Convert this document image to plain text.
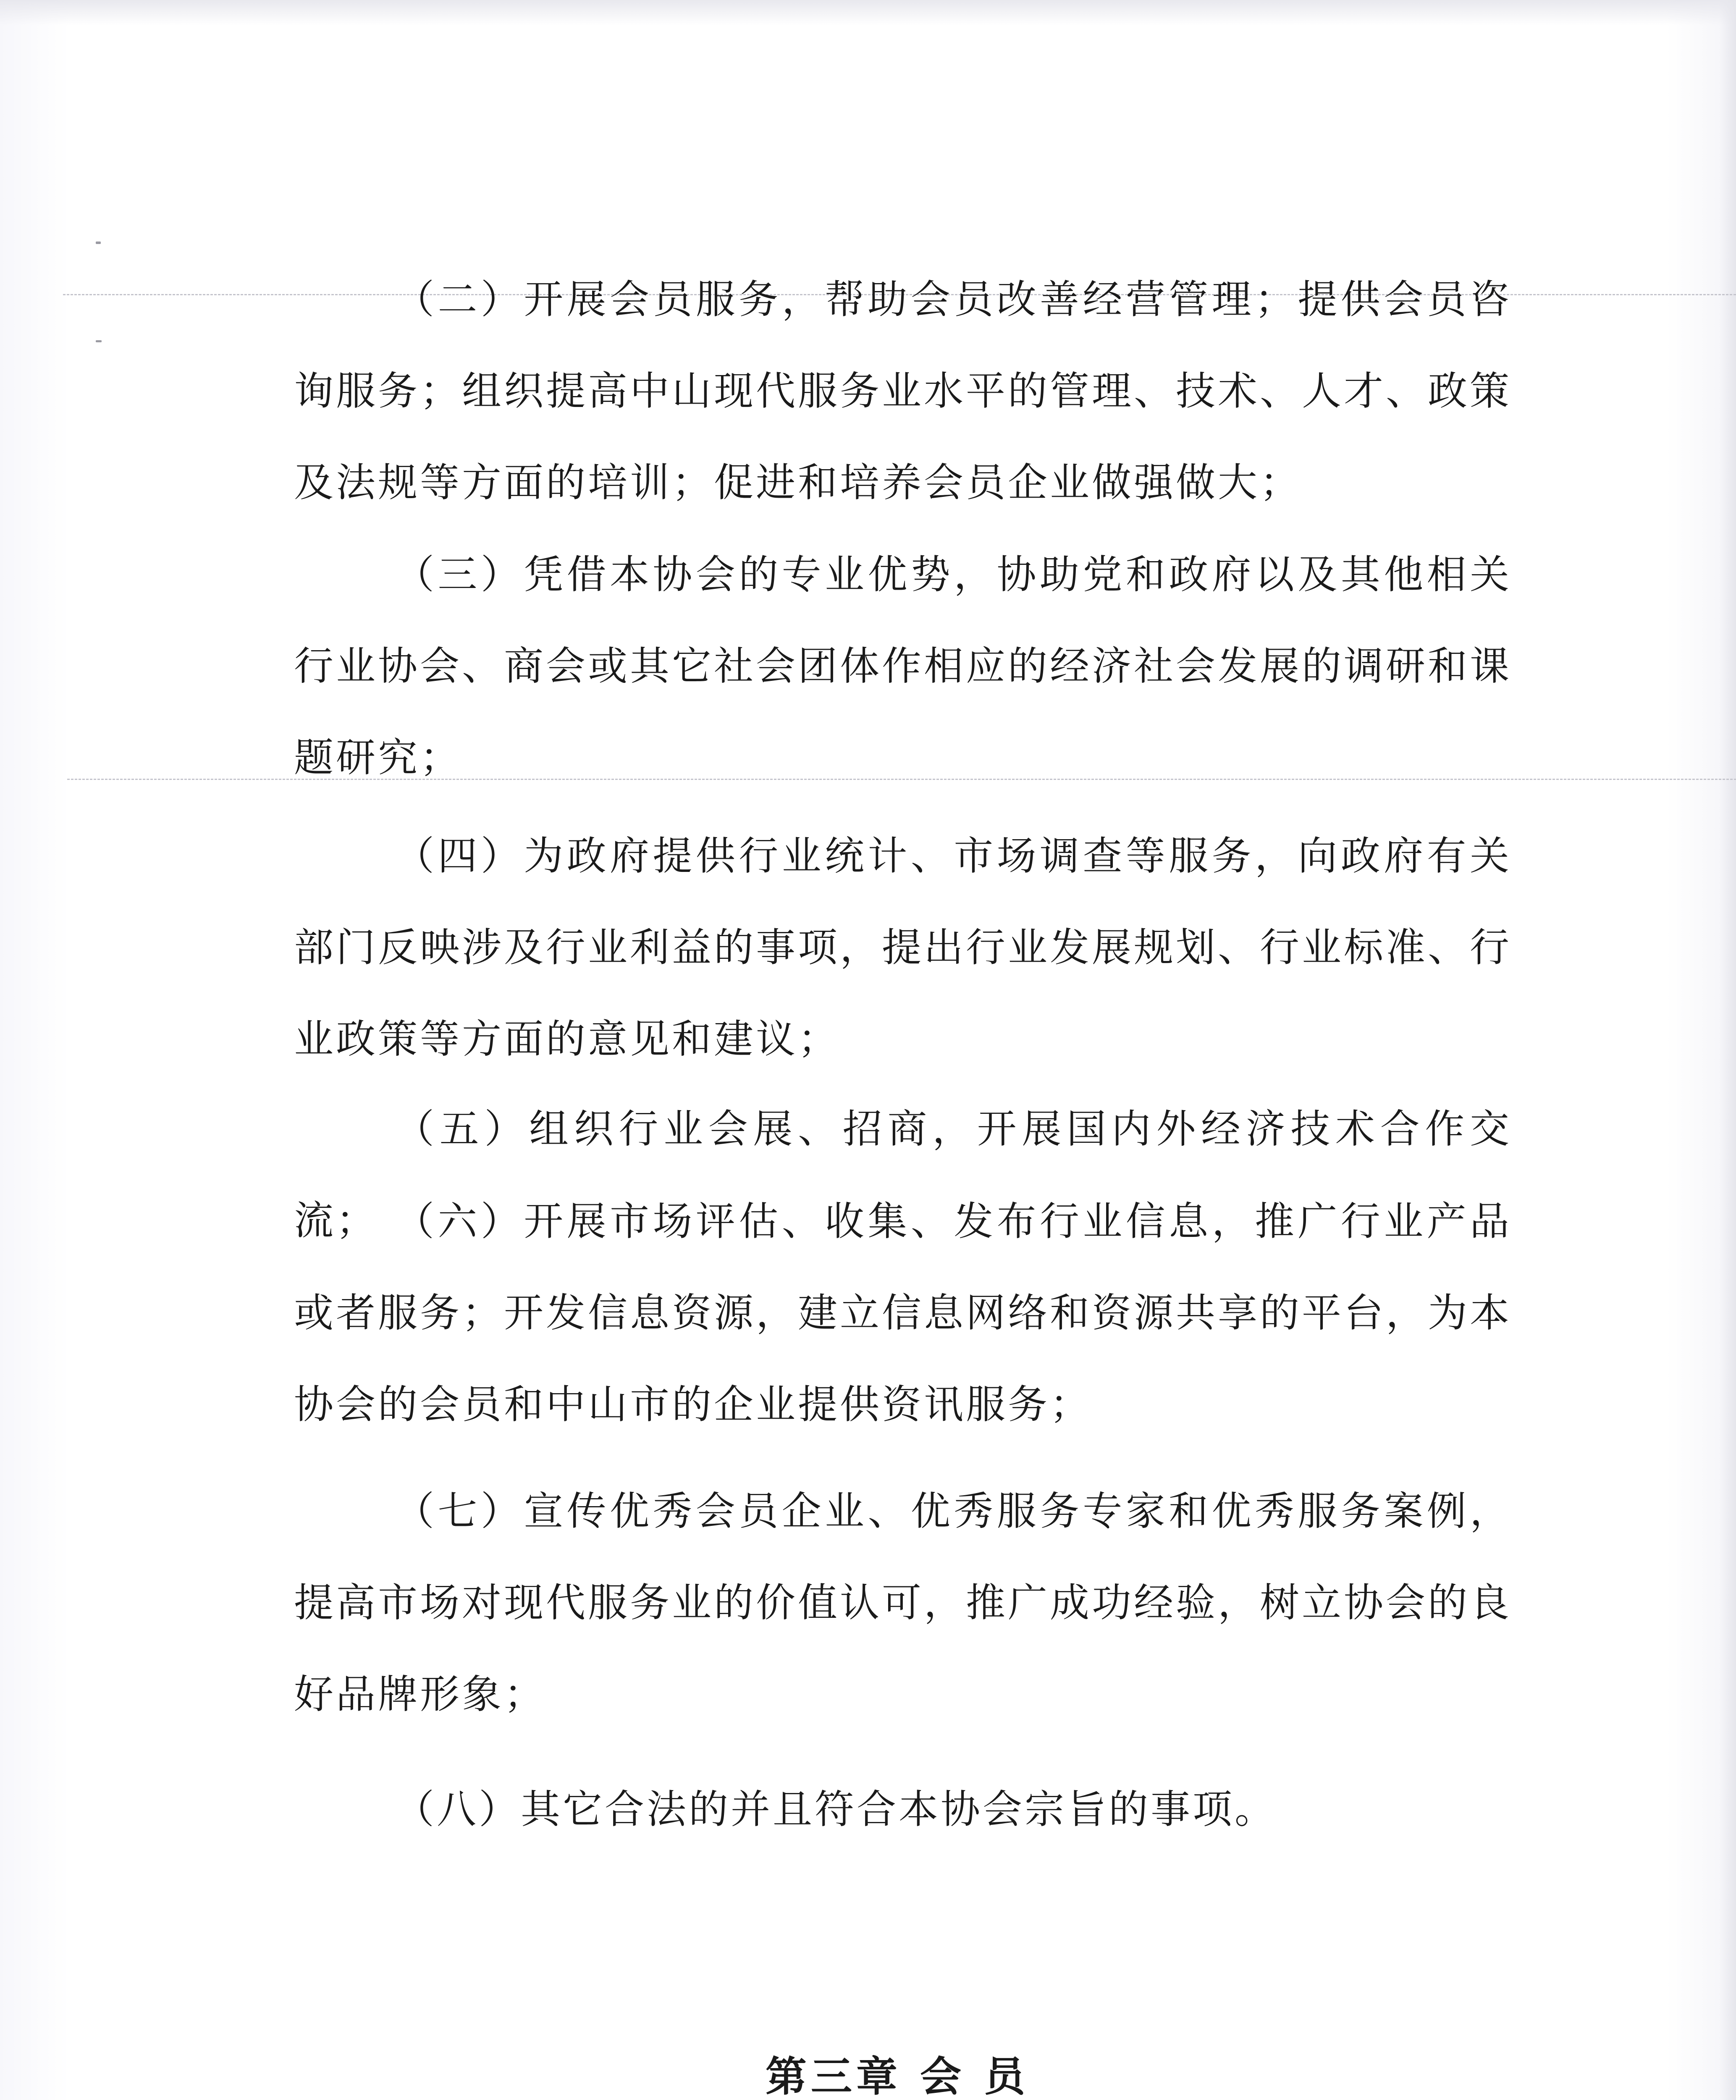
（二）开展会员服务，帮助会员改善经营管理；提供会员咨询服务；组织提高中山现代服务业水平的管理、技术、人才、政策及法规等方面的培训；促进和培养会员企业做强做大；
（三）凭借本协会的专业优势，协助党和政府以及其他相关行业协会、商会或其它社会团体作相应的经济社会发展的调研和课题研究；
（四）为政府提供行业统计、市场调查等服务，向政府有关部门反映涉及行业利益的事项，提出行业发展规划、行业标准、行业政策等方面的意见和建议；
（五）组织行业会展、招商，开展国内外经济技术合作交流； （六）开展市场评估、收集、发布行业信息，推广行业产品或者服务；开发信息资源，建立信息网络和资源共享的平台，为本协会的会员和中山市的企业提供资讯服务；
（七）宣传优秀会员企业、优秀服务专家和优秀服务案例，提高市场对现代服务业的价值认可，推广成功经验，树立协会的良好品牌形象；
（八）其它合法的并且符合本协会宗旨的事项。
第三章 会 员
